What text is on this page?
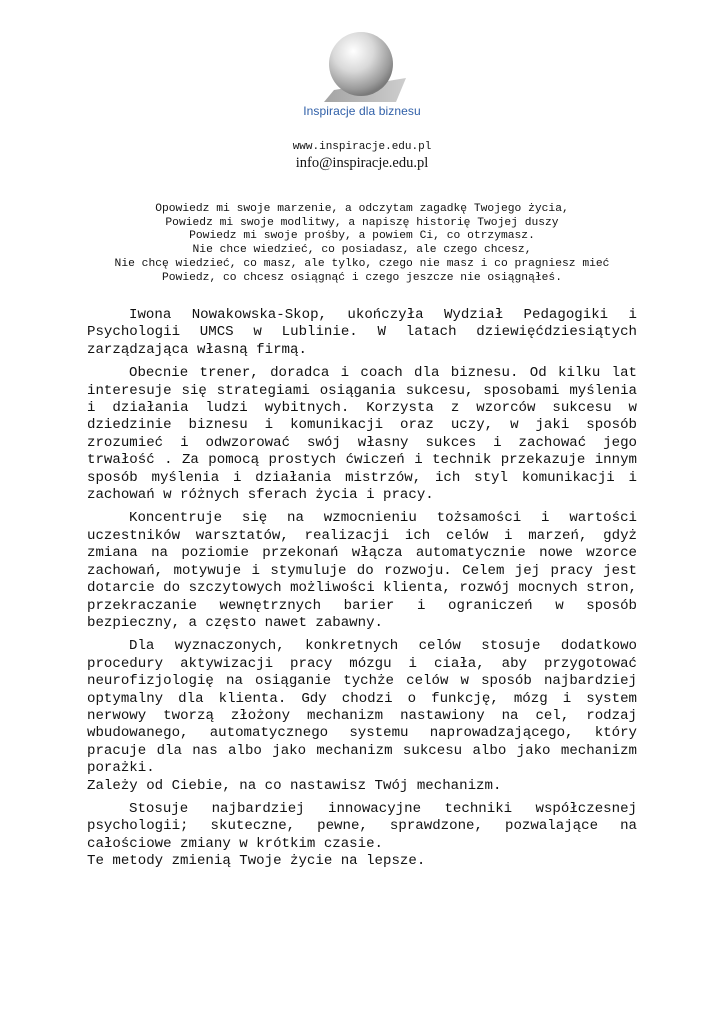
Inspiracje dla biznesu
www.inspiracje.edu.pl
info@inspiracje.edu.pl
Opowiedz mi swoje marzenie, a odczytam zagadkę Twojego życia,
Powiedz mi swoje modlitwy, a napiszę historię Twojej duszy
Powiedz mi swoje prośby, a powiem Ci, co otrzymasz.
Nie chce wiedzieć, co posiadasz, ale czego chcesz,
Nie chcę wiedzieć, co masz, ale tylko, czego nie masz i co pragniesz mieć
Powiedz, co chcesz osiągnąć i czego jeszcze nie osiągnąłeś.

Iwona Nowakowska-Skop, ukończyła Wydział Pedagogiki i Psychologii UMCS w Lublinie. W latach dziewięćdziesiątych zarządzająca własną firmą.

Obecnie trener, doradca i coach dla biznesu. Od kilku lat interesuje się strategiami osiągania sukcesu, sposobami myślenia i działania ludzi wybitnych. Korzysta z wzorców sukcesu w dziedzinie biznesu i komunikacji oraz uczy, w jaki sposób zrozumieć i odwzorować swój własny sukces i zachować jego trwałość . Za pomocą prostych ćwiczeń i technik przekazuje innym sposób myślenia i działania mistrzów, ich styl komunikacji i zachowań w różnych sferach życia i pracy.

Koncentruje się na wzmocnieniu tożsamości i wartości uczestników warsztatów, realizacji ich celów i marzeń, gdyż zmiana na poziomie przekonań włącza automatycznie nowe wzorce zachowań, motywuje i stymuluje do rozwoju. Celem jej pracy jest dotarcie do szczytowych możliwości klienta, rozwój mocnych stron, przekraczanie wewnętrznych barier i ograniczeń w sposób bezpieczny, a często nawet zabawny.

Dla wyznaczonych, konkretnych celów stosuje dodatkowo procedury aktywizacji pracy mózgu i ciała, aby przygotować neurofizjologię na osiąganie tychże celów w sposób najbardziej optymalny dla klienta. Gdy chodzi o funkcję, mózg i system nerwowy tworzą złożony mechanizm nastawiony na cel, rodzaj wbudowanego, automatycznego systemu naprowadzającego, który pracuje dla nas albo jako mechanizm sukcesu albo jako mechanizm porażki.

Zależy od Ciebie, na co nastawisz Twój mechanizm.

Stosuje najbardziej innowacyjne techniki współczesnej psychologii; skuteczne, pewne, sprawdzone, pozwalające na całościowe zmiany w krótkim czasie.

Te metody zmienią Twoje życie na lepsze.
